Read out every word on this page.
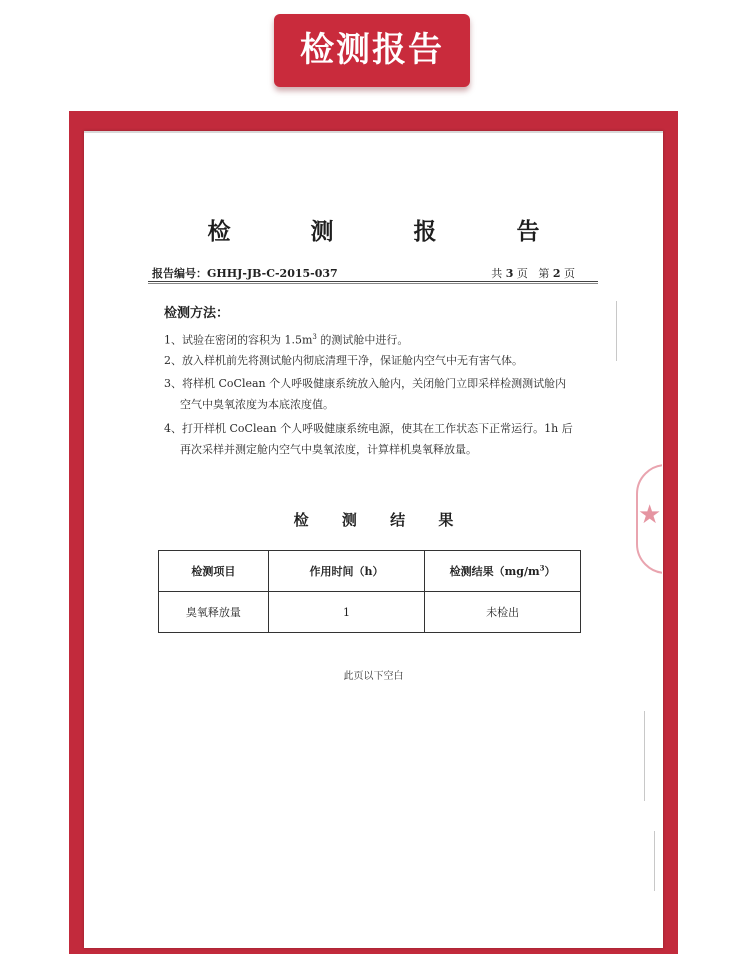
检测报告
检 测 报 告
报告编号：GHHJ-JB-C-2015-037	共 3 页 第 2 页
检测方法：
1、试验在密闭的容积为 $1.5m^3$ 的测试舱中进行。
2、放入样机前先将测试舱内彻底清理干净，保证舱内空气中无有害气体。
3、将样机 CoClean 个人呼吸健康系统放入舱内，关闭舱门立即采样检测测试舱内
空气中臭氧浓度为本底浓度值。
4、打开样机 CoClean 个人呼吸健康系统电源，使其在工作状态下正常运行。1h 后
再次采样并测定舱内空气中臭氧浓度，计算样机臭氧释放量。
检 测 结 果
检测项目	作用时间（h）	检测结果$(mg/m^3)$
臭氧释放量	1	未检出
此页以下空白
★
